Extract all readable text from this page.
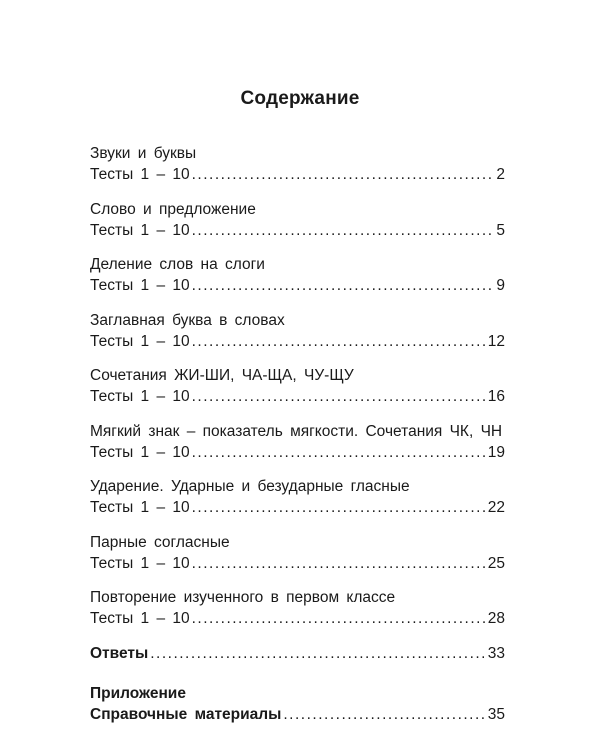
Содержание
Звуки и буквы
Тесты 1 – 10 .....	2
Слово и предложение
Тесты 1 – 10 .....	5
Деление слов на слоги
Тесты 1 – 10 .....	9
Заглавная буква в словах
Тесты 1 – 10 .....	12
Сочетания ЖИ-ШИ, ЧА-ЩА, ЧУ-ЩУ
Тесты 1 – 10 .....	16
Мягкий знак – показатель мягкости. Сочетания ЧК, ЧН
Тесты 1 – 10 .....	19
Ударение. Ударные и безударные гласные
Тесты 1 – 10 .....	22
Парные согласные
Тесты 1 – 10 .....	25
Повторение изученного в первом классе
Тесты 1 – 10 .....	28
Ответы .....	33
Приложение
Справочные материалы .....	35
